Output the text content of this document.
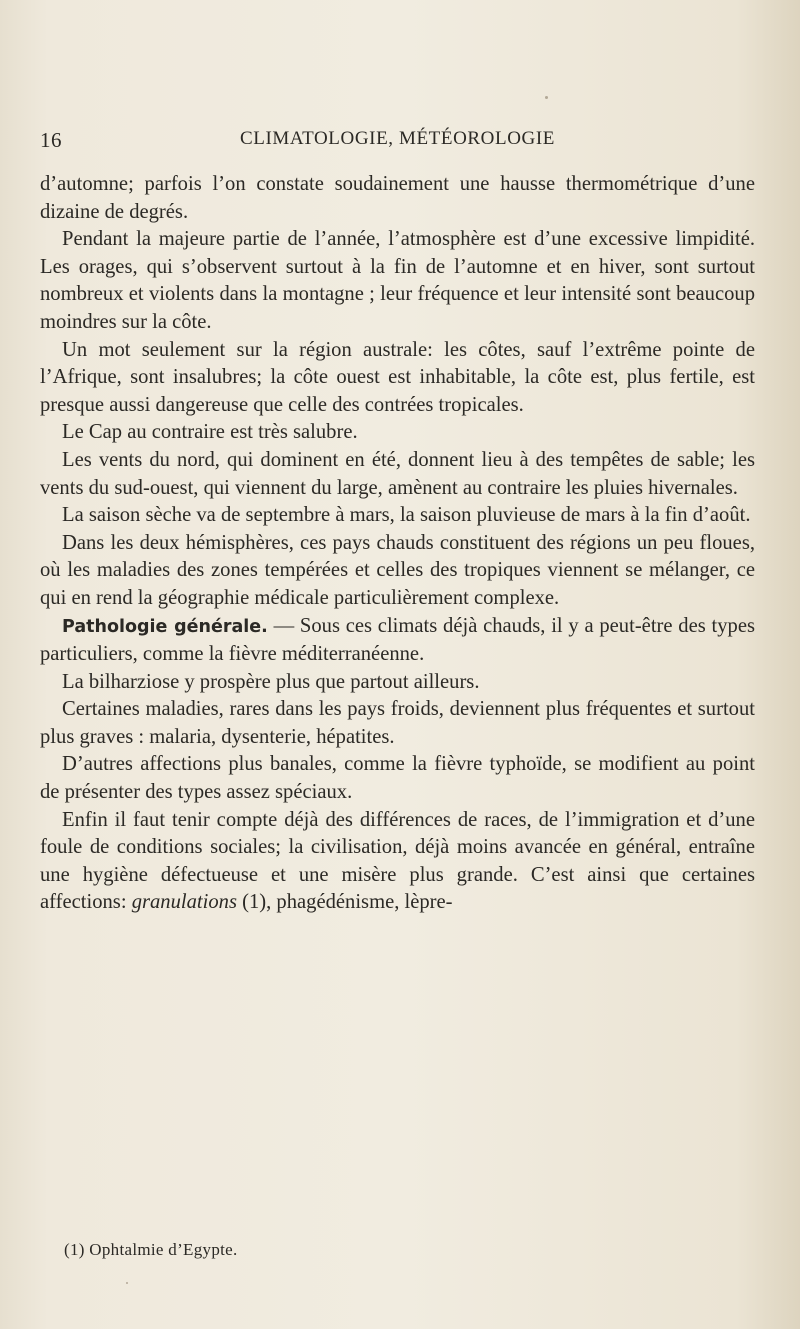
16	CLIMATOLOGIE, MÉTÉOROLOGIE

d’automne; parfois l’on constate soudainement une hausse thermométrique d’une dizaine de degrés.

Pendant la majeure partie de l’année, l’atmosphère est d’une excessive limpidité. Les orages, qui s’observent surtout à la fin de l’automne et en hiver, sont surtout nombreux et violents dans la montagne ; leur fréquence et leur intensité sont beaucoup moindres sur la côte.

Un mot seulement sur la région australe: les côtes, sauf l’extrême pointe de l’Afrique, sont insalubres; la côte ouest est inhabitable, la côte est, plus fertile, est presque aussi dangereuse que celle des contrées tropicales.

Le Cap au contraire est très salubre.

Les vents du nord, qui dominent en été, donnent lieu à des tempêtes de sable; les vents du sud-ouest, qui viennent du large, amènent au contraire les pluies hivernales.

La saison sèche va de septembre à mars, la saison pluvieuse de mars à la fin d’août.

Dans les deux hémisphères, ces pays chauds constituent des régions un peu floues, où les maladies des zones tempérées et celles des tropiques viennent se mélanger, ce qui en rend la géographie médicale particulièrement complexe.

Pathologie générale. — Sous ces climats déjà chauds, il y a peut-être des types particuliers, comme la fièvre méditerranéenne.

La bilharziose y prospère plus que partout ailleurs.

Certaines maladies, rares dans les pays froids, deviennent plus fréquentes et surtout plus graves : malaria, dysenterie, hépatites.

D’autres affections plus banales, comme la fièvre typhoïde, se modifient au point de présenter des types assez spéciaux.

Enfin il faut tenir compte déjà des différences de races, de l’immigration et d’une foule de conditions sociales; la civilisation, déjà moins avancée en général, entraîne une hygiène défectueuse et une misère plus grande. C’est ainsi que certaines affections: granulations (1), phagédénisme, lèpre-

(1) Ophtalmie d’Egypte.
